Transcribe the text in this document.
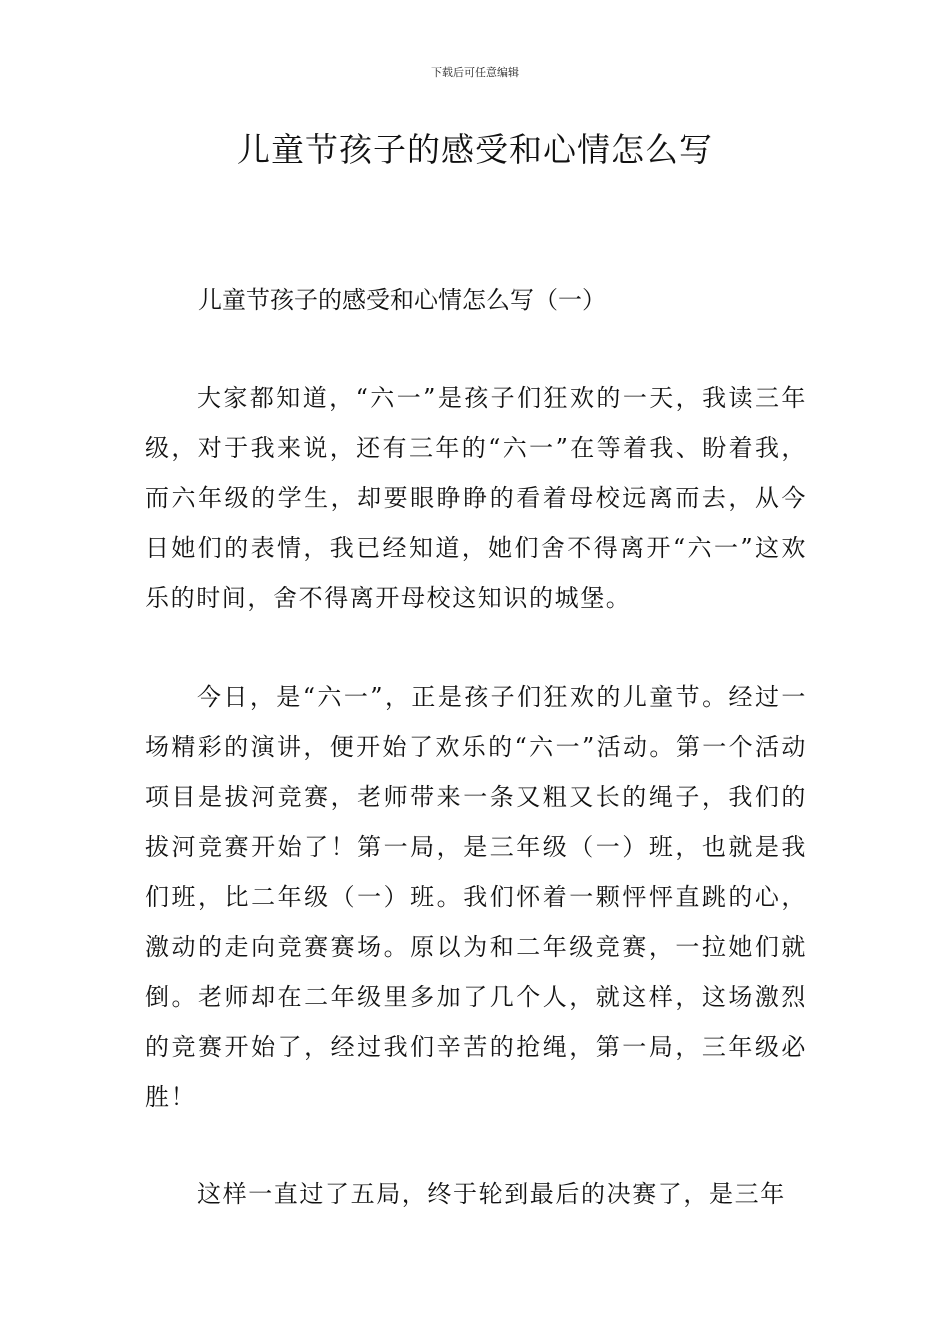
下载后可任意编辑
儿童节孩子的感受和心情怎么写
儿童节孩子的感受和心情怎么写（一）

大家都知道，“六一”是孩子们狂欢的一天，我读三年级，对于我来说，还有三年的“六一”在等着我、盼着我，而六年级的学生，却要眼睁睁的看着母校远离而去，从今日她们的表情，我已经知道，她们舍不得离开“六一”这欢乐的时间，舍不得离开母校这知识的城堡。

今日，是“六一”，正是孩子们狂欢的儿童节。经过一场精彩的演讲，便开始了欢乐的“六一”活动。第一个活动项目是拔河竞赛，老师带来一条又粗又长的绳子，我们的拔河竞赛开始了！第一局，是三年级（一）班，也就是我们班，比二年级（一）班。我们怀着一颗怦怦直跳的心，激动的走向竞赛赛场。原以为和二年级竞赛，一拉她们就倒。老师却在二年级里多加了几个人，就这样，这场激烈的竞赛开始了，经过我们辛苦的抢绳，第一局，三年级必胜！

这样一直过了五局，终于轮到最后的决赛了，是三年
